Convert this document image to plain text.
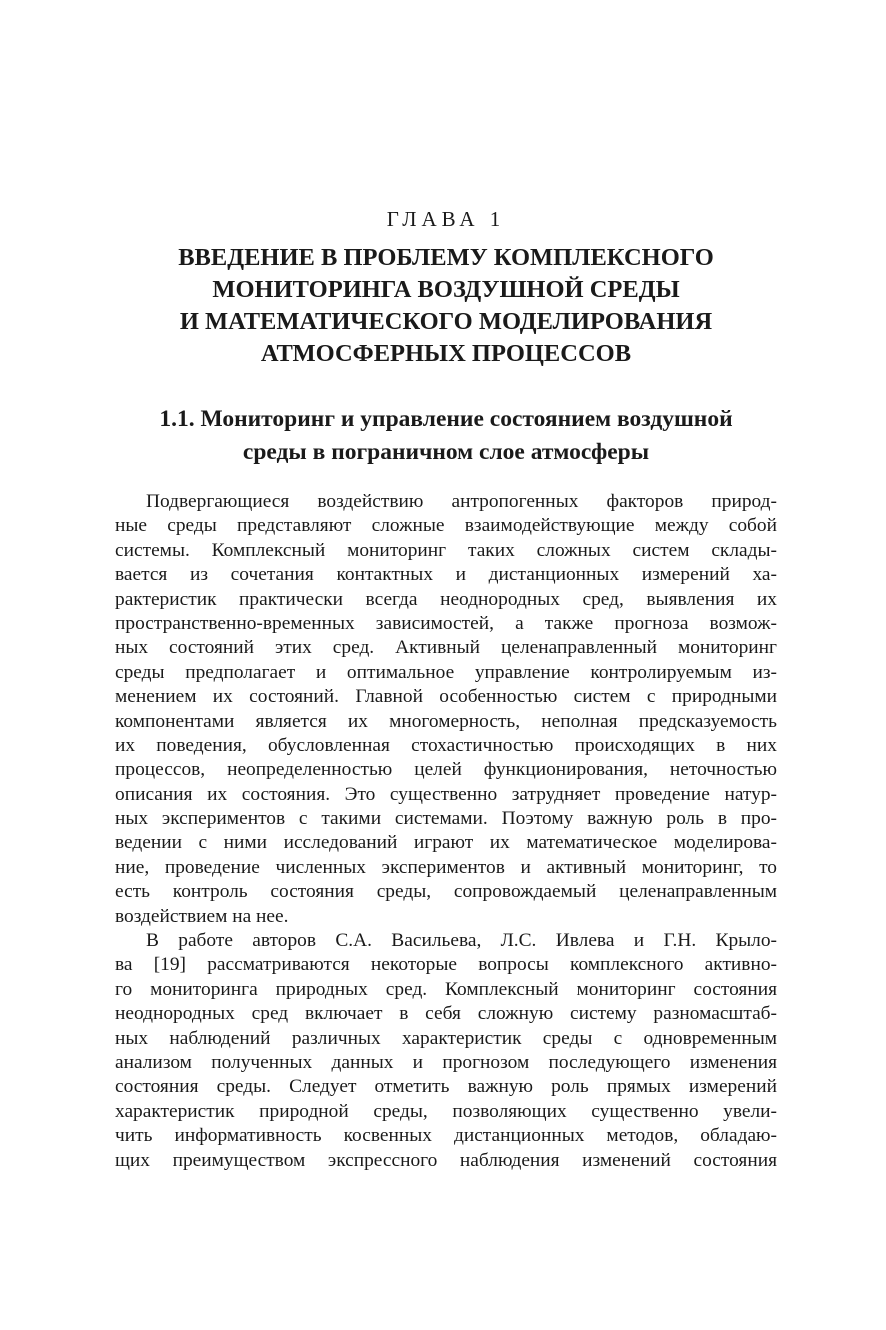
ГЛАВА 1
ВВЕДЕНИЕ В ПРОБЛЕМУ КОМПЛЕКСНОГО
МОНИТОРИНГА ВОЗДУШНОЙ СРЕДЫ
И МАТЕМАТИЧЕСКОГО МОДЕЛИРОВАНИЯ
АТМОСФЕРНЫХ ПРОЦЕССОВ
1.1. Мониторинг и управление состоянием воздушной
среды в пограничном слое атмосферы
Подвергающиеся воздействию антропогенных факторов природ-
ные среды представляют сложные взаимодействующие между собой
системы. Комплексный мониторинг таких сложных систем склады-
вается из сочетания контактных и дистанционных измерений ха-
рактеристик практически всегда неоднородных сред, выявления их
пространственно-временных зависимостей, а также прогноза возмож-
ных состояний этих сред. Активный целенаправленный мониторинг
среды предполагает и оптимальное управление контролируемым из-
менением их состояний. Главной особенностью систем с природными
компонентами является их многомерность, неполная предсказуемость
их поведения, обусловленная стохастичностью происходящих в них
процессов, неопределенностью целей функционирования, неточностью
описания их состояния. Это существенно затрудняет проведение натур-
ных экспериментов с такими системами. Поэтому важную роль в про-
ведении с ними исследований играют их математическое моделирова-
ние, проведение численных экспериментов и активный мониторинг, то
есть контроль состояния среды, сопровождаемый целенаправленным
воздействием на нее.
В работе авторов С.А. Васильева, Л.С. Ивлева и Г.Н. Крыло-
ва [19] рассматриваются некоторые вопросы комплексного активно-
го мониторинга природных сред. Комплексный мониторинг состояния
неоднородных сред включает в себя сложную систему разномасштаб-
ных наблюдений различных характеристик среды с одновременным
анализом полученных данных и прогнозом последующего изменения
состояния среды. Следует отметить важную роль прямых измерений
характеристик природной среды, позволяющих существенно увели-
чить информативность косвенных дистанционных методов, обладаю-
щих преимуществом экспрессного наблюдения изменений состояния
